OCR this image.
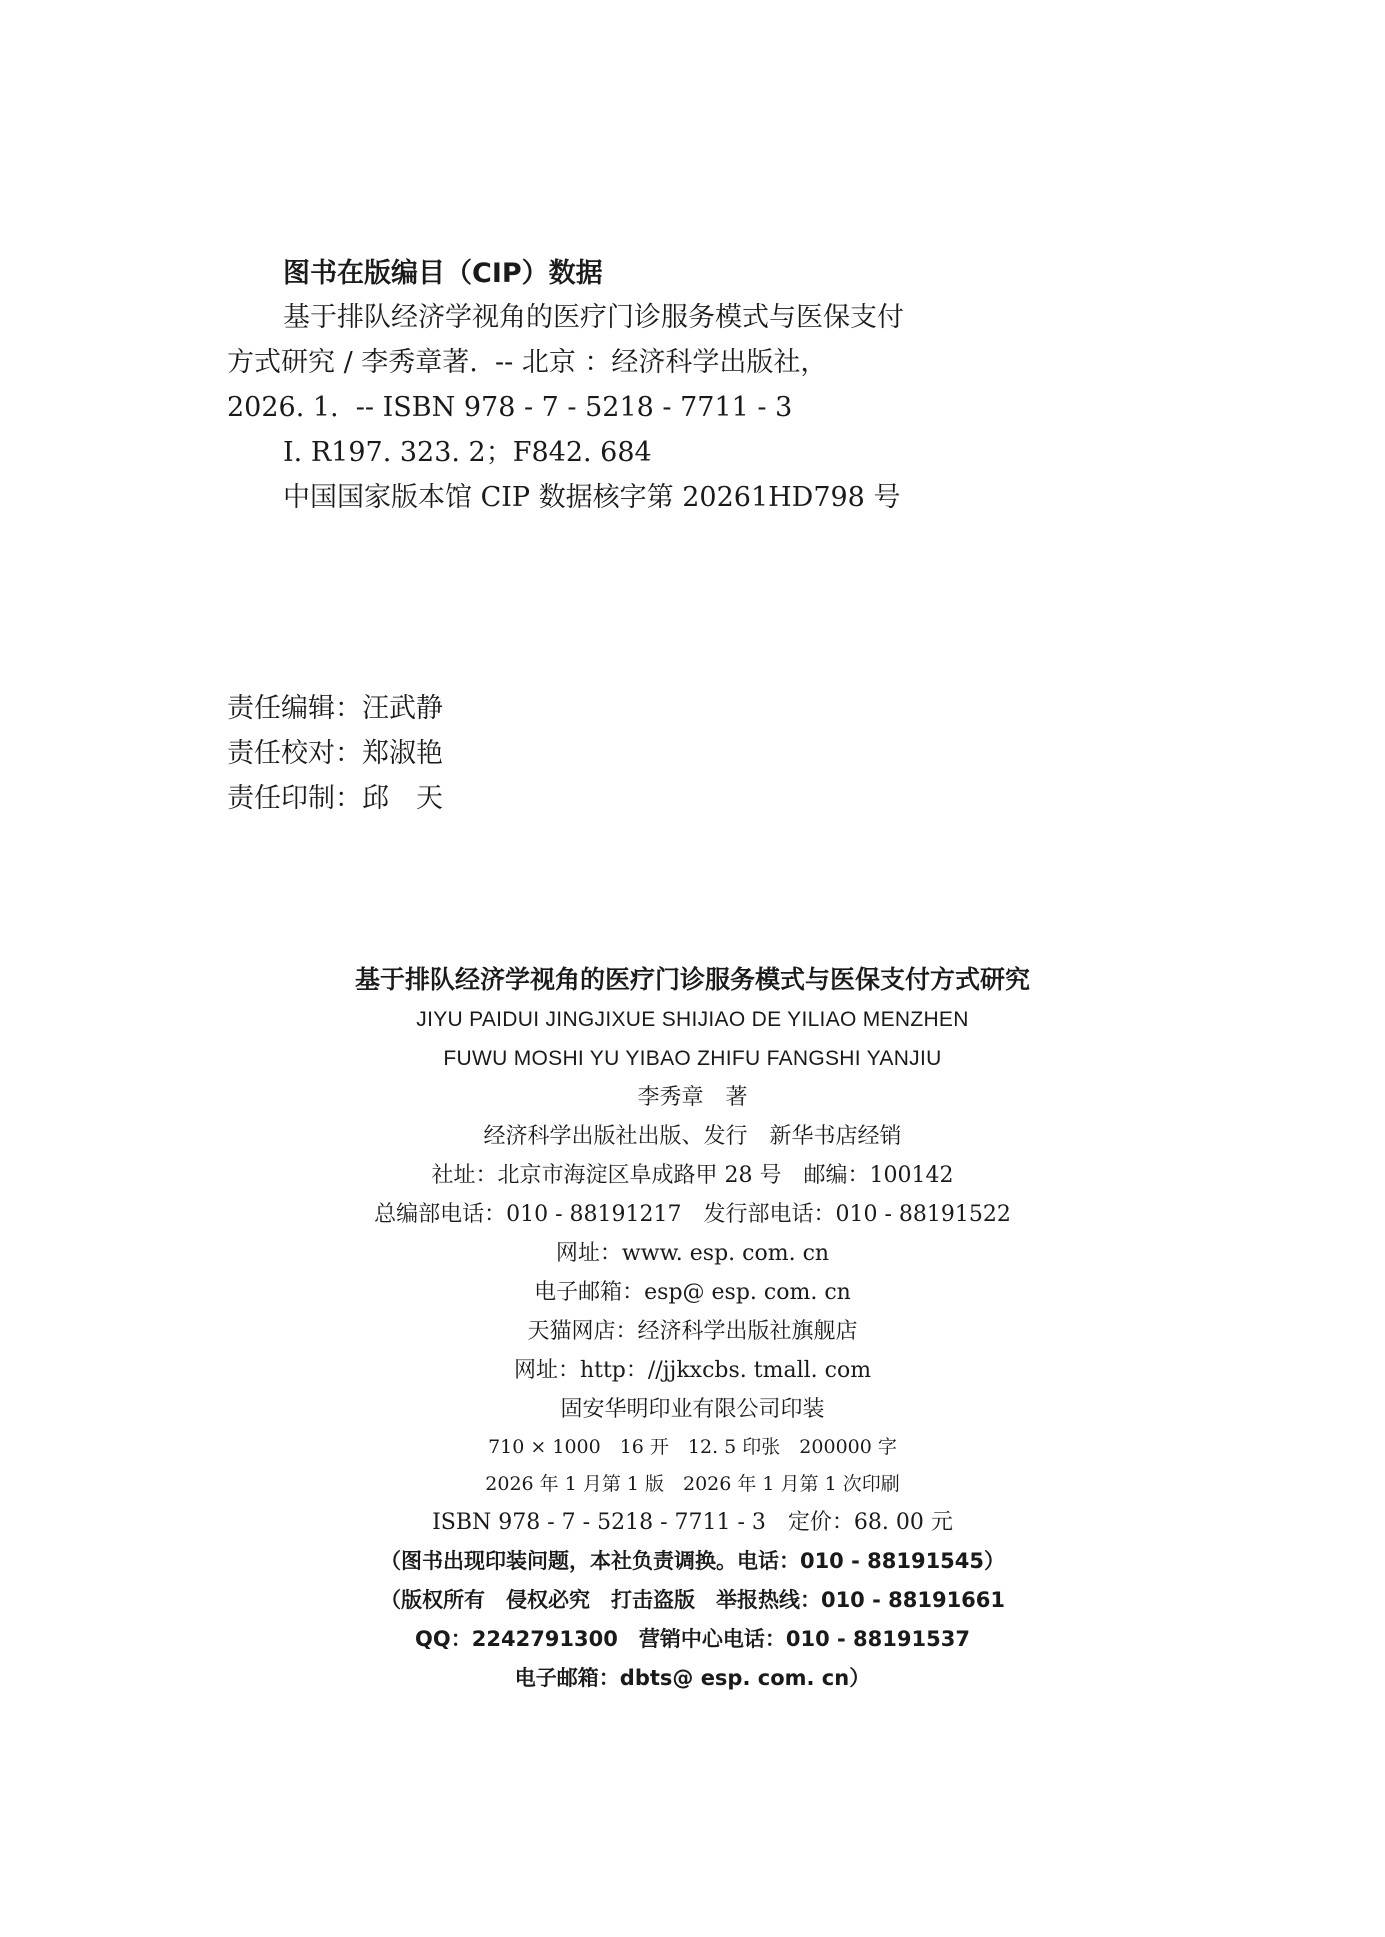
图书在版编目（CIP）数据
基于排队经济学视角的医疗门诊服务模式与医保支付
方式研究 / 李秀章著.  -- 北京 ：经济科学出版社，
2026. 1.  -- ISBN 978 - 7 - 5218 - 7711 - 3
Ⅰ. R197. 323. 2；F842. 684
中国国家版本馆 CIP 数据核字第 20261HD798 号
责任编辑：汪武静
责任校对：郑淑艳
责任印制：邱　天
基于排队经济学视角的医疗门诊服务模式与医保支付方式研究
JIYU PAIDUI JINGJIXUE SHIJIAO DE YILIAO MENZHEN
FUWU MOSHI YU YIBAO ZHIFU FANGSHI YANJIU
李秀章　著
经济科学出版社出版、发行　新华书店经销
社址：北京市海淀区阜成路甲 28 号　邮编：100142
总编部电话：010 - 88191217　发行部电话：010 - 88191522
网址：www. esp. com. cn
电子邮箱：esp@ esp. com. cn
天猫网店：经济科学出版社旗舰店
网址：http：//jjkxcbs. tmall. com
固安华明印业有限公司印装
710 × 1000　16 开　12. 5 印张　200000 字
2026 年 1 月第 1 版　2026 年 1 月第 1 次印刷
ISBN 978 - 7 - 5218 - 7711 - 3　定价：68. 00 元
（图书出现印装问题，本社负责调换。电话：010 - 88191545）
（版权所有　侵权必究　打击盗版　举报热线：010 - 88191661
QQ：2242791300　营销中心电话：010 - 88191537
电子邮箱：dbts@ esp. com. cn）
